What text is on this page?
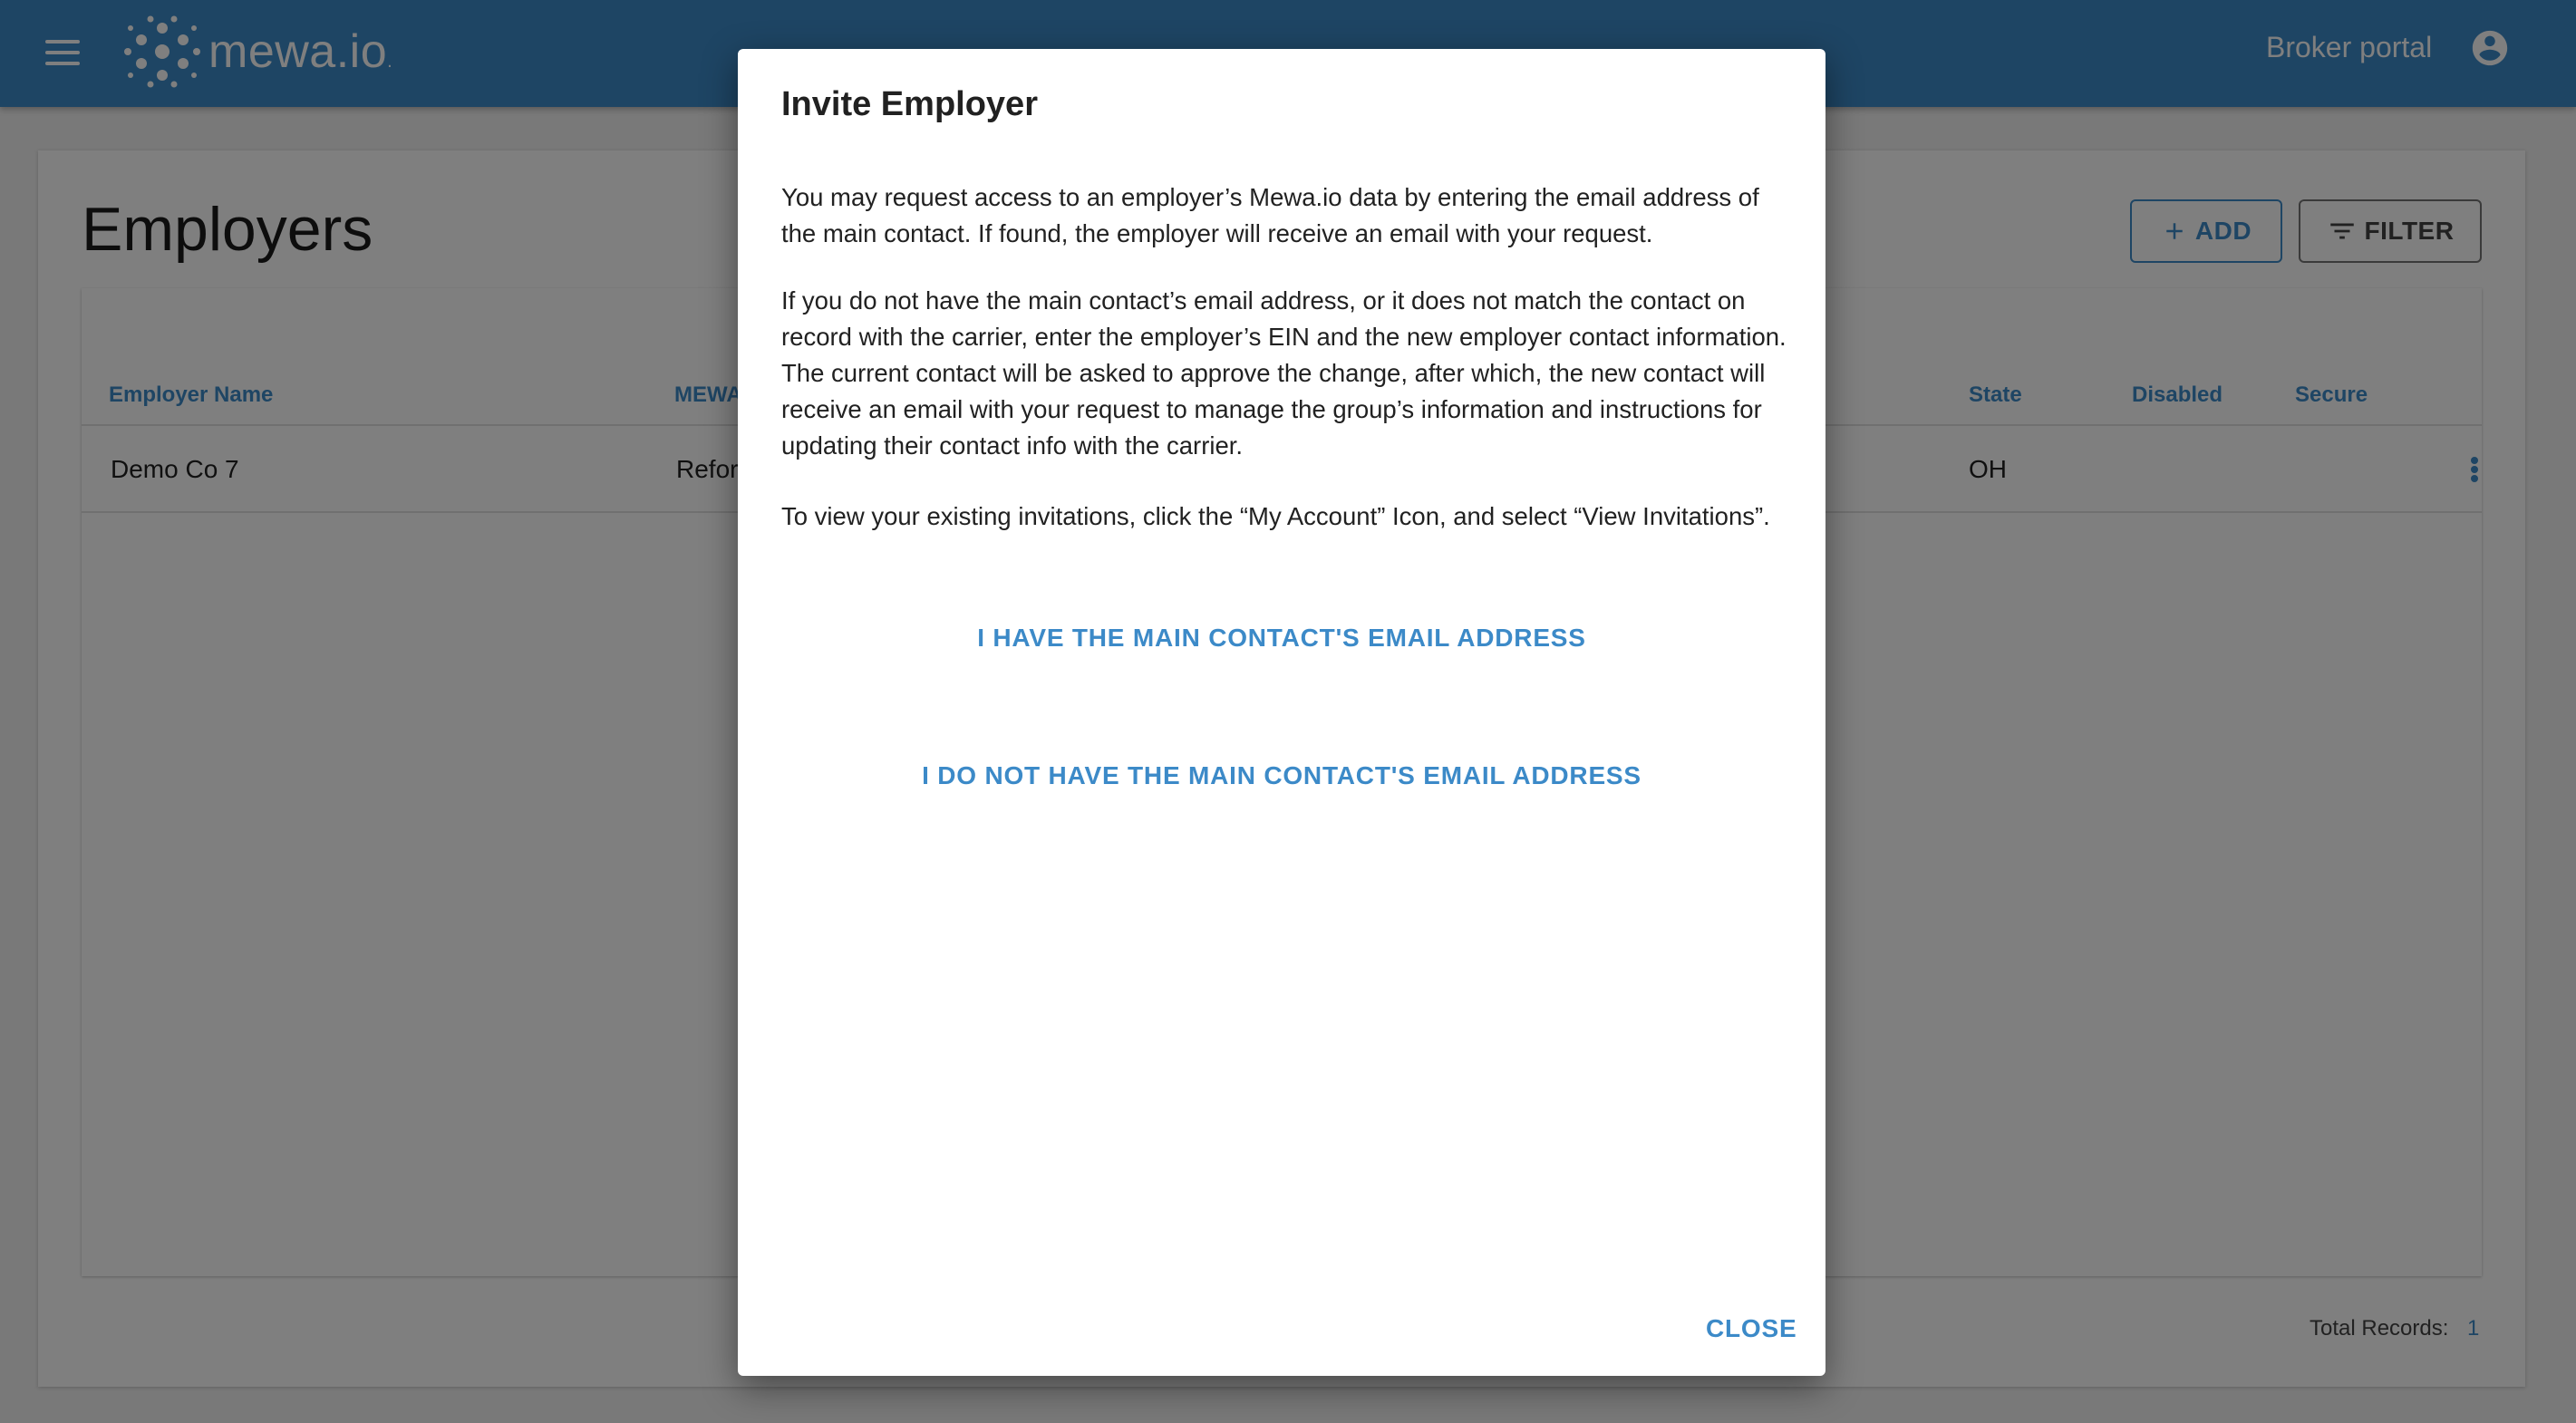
Invite Employer

You may request access to an employer’s Mewa.io data by entering the email address of the main contact. If found, the employer will receive an email with your request.

If you do not have the main contact’s email address, or it does not match the contact on record with the carrier, enter the employer’s EIN and the new employer contact information. The current contact will be asked to approve the change, after which, the new contact will receive an email with your request to manage the group’s information and instructions for updating their contact info with the carrier.

To view your existing invitations, click the “My Account” Icon, and select “View Invitations”.

I HAVE THE MAIN CONTACT'S EMAIL ADDRESS
I DO NOT HAVE THE MAIN CONTACT'S EMAIL ADDRESS
CLOSE
